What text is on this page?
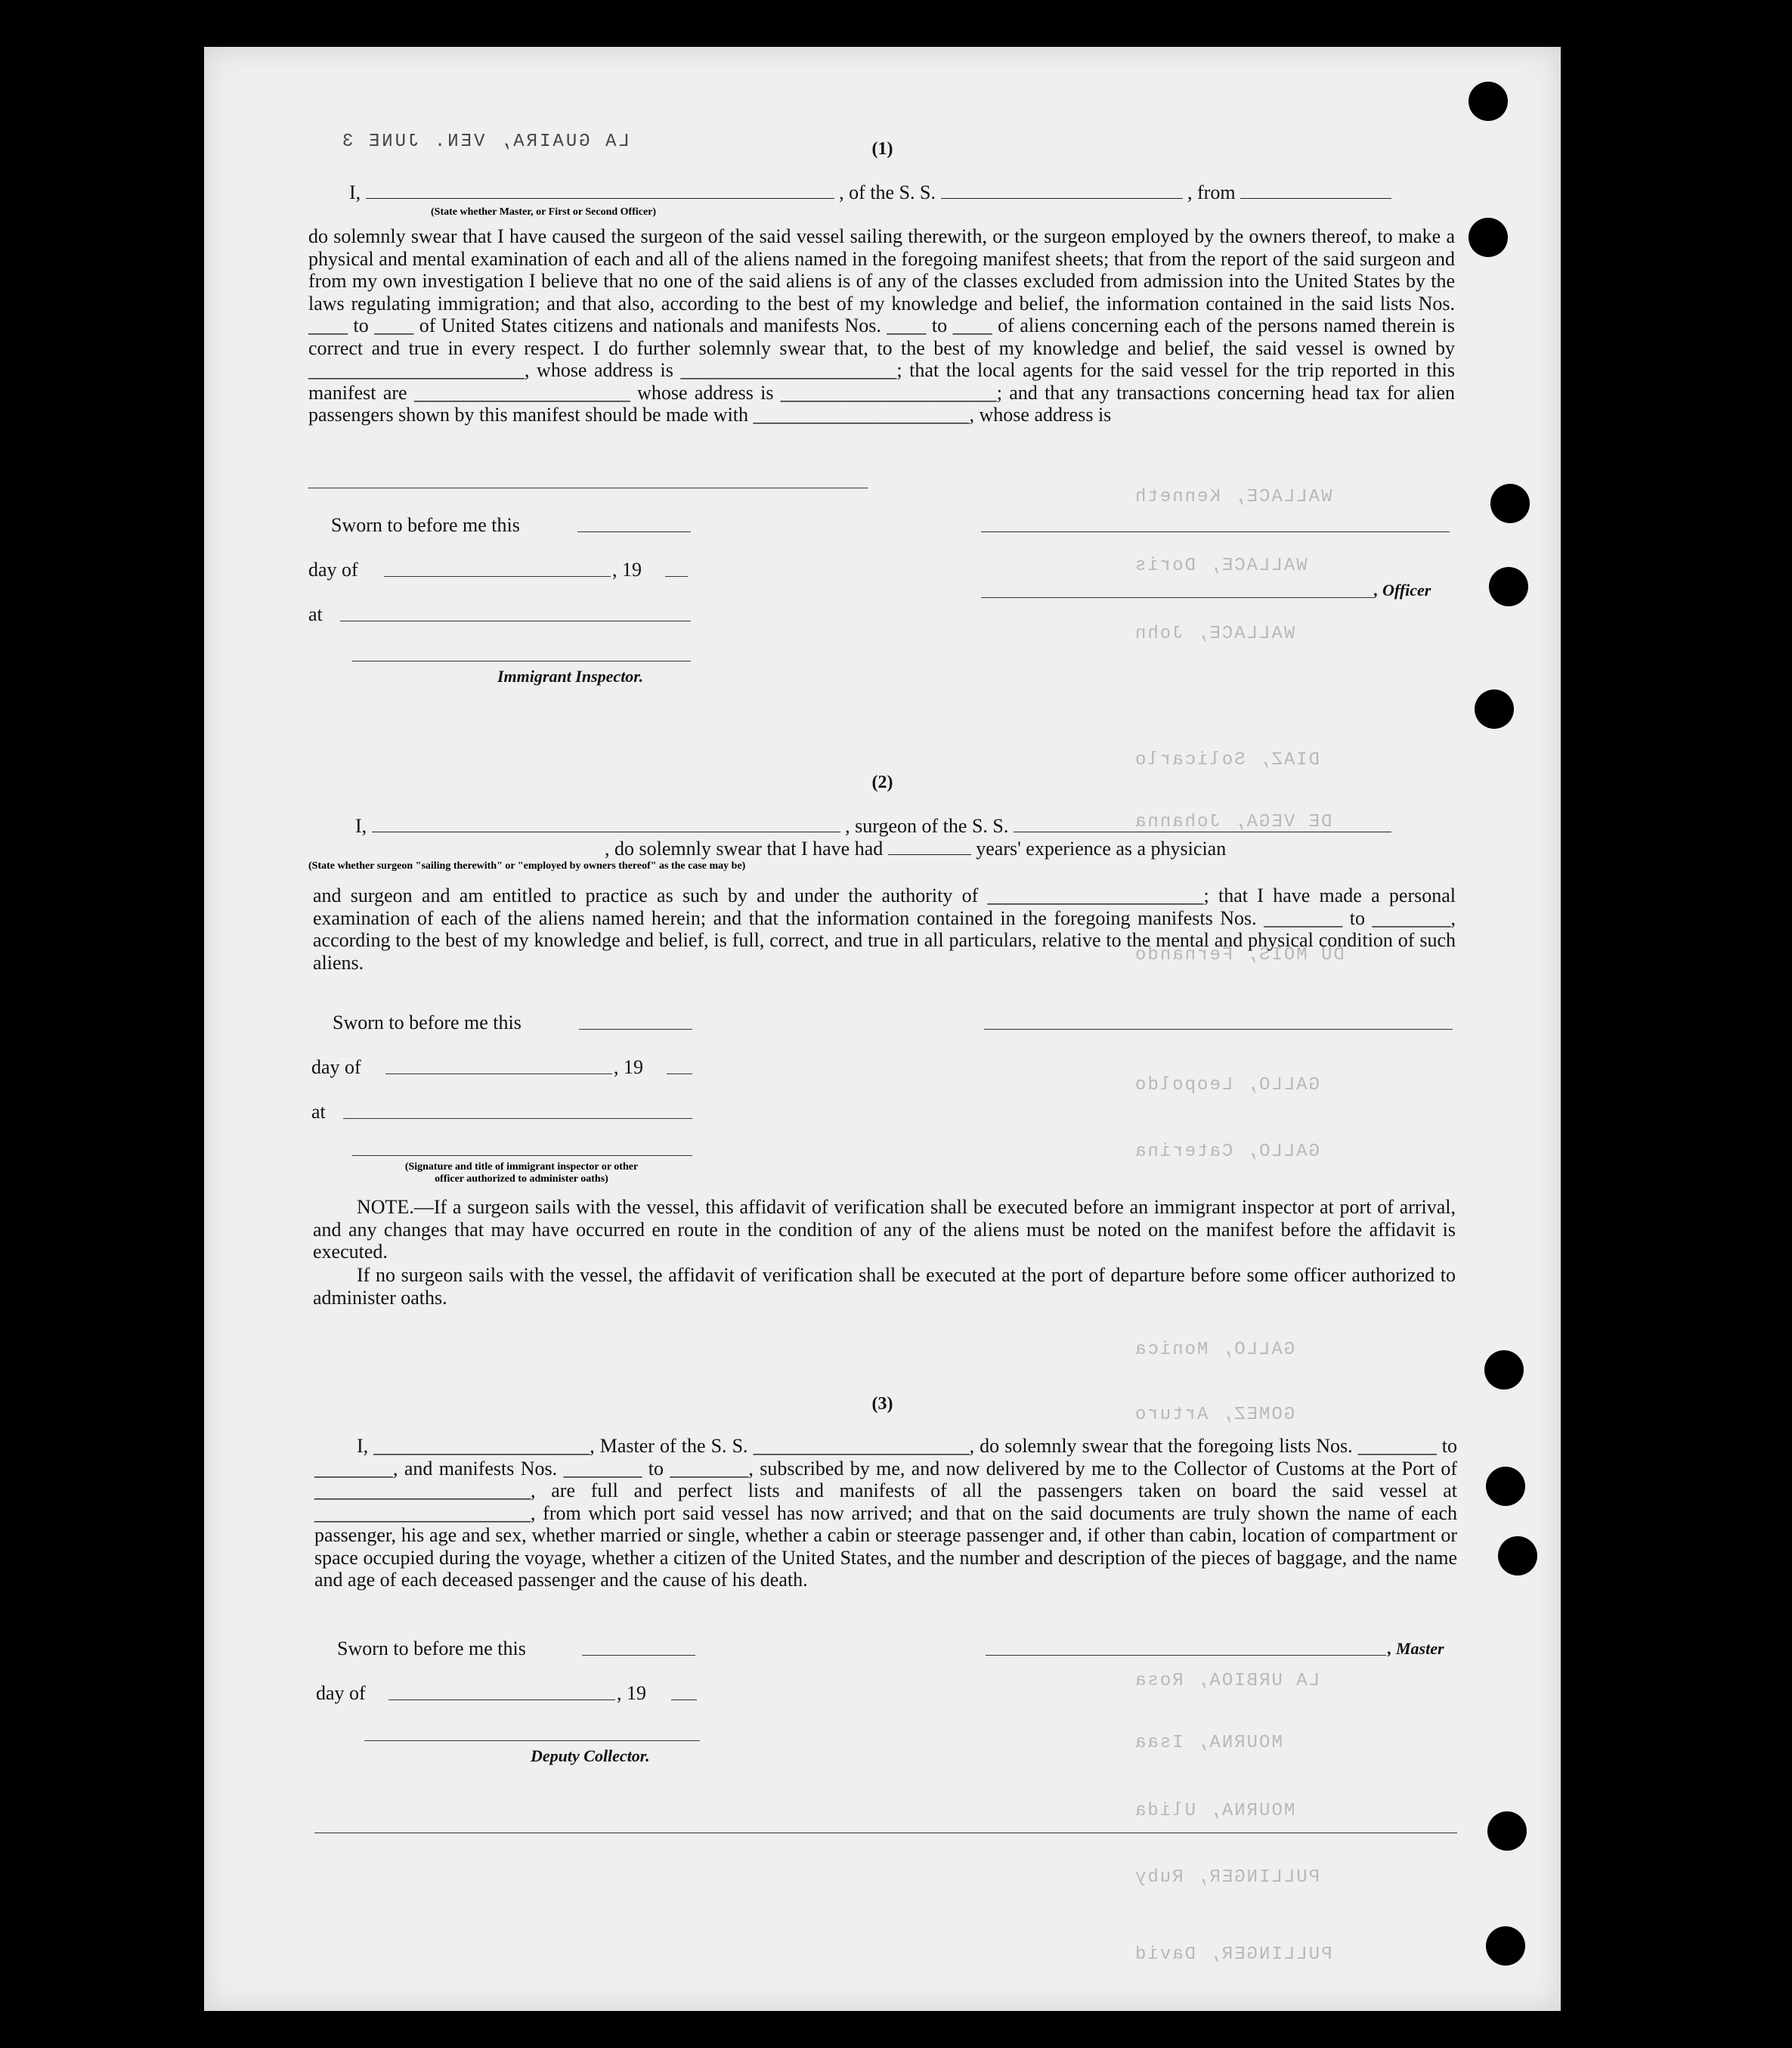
WALLACE, Kenneth
WALLACE, Doris
WALLACE, John
DIAZ, Solicarlo
DE VEGA, Johanna
DU MOIS, Fernando
GALLO, Leopoldo
GALLO, Caterina
GALLO, Monica
GOMEZ, Arturo
LA URBIOA, Rosa
MOURNA, Isaa
MOURNA, Ulida
PULLINGER, Ruby
PULLINGER, David
LA GUAIRA, VEN. JUNE 3	(1)
I,	, of the S. S.	, from
(State whether Master, or First or Second Officer)
do solemnly swear that I have caused the surgeon of the said vessel sailing therewith, or the surgeon employed by the owners thereof, to make a physical and mental examination of each and all of the aliens named in the foregoing manifest sheets; that from the report of the said surgeon and from my own investigation I believe that no one of the said aliens is of any of the classes excluded from admission into the United States by the laws regulating immigration; and that also, according to the best of my knowledge and belief, the information contained in the said lists Nos. ____ to ____ of United States citizens and nationals and manifests Nos. ____ to ____ of aliens concerning each of the persons named therein is correct and true in every respect. I do further solemnly swear that, to the best of my knowledge and belief, the said vessel is owned by ______________________, whose address is ______________________; that the local agents for the said vessel for the trip reported in this manifest are ______________________ whose address is ______________________; and that any transactions concerning head tax for alien passengers shown by this manifest should be made with ______________________, whose address is
Sworn to before me this
day of	, 19
, Officer
at
Immigrant Inspector.
(2)
I,	, surgeon of the S. S.
, do solemnly swear that I have had	years' experience as a physician
(State whether surgeon "sailing therewith" or "employed by owners thereof" as the case may be)
and surgeon and am entitled to practice as such by and under the authority of ______________________; that I have made a personal examination of each of the aliens named herein; and that the information contained in the foregoing manifests Nos. ________ to ________, according to the best of my knowledge and belief, is full, correct, and true in all particulars, relative to the mental and physical condition of such aliens.
Sworn to before me this
day of	, 19
at
(Signature and title of immigrant inspector or other officer authorized to administer oaths)
NOTE.—If a surgeon sails with the vessel, this affidavit of verification shall be executed before an immigrant inspector at port of arrival, and any changes that may have occurred en route in the condition of any of the aliens must be noted on the manifest before the affidavit is executed.
If no surgeon sails with the vessel, the affidavit of verification shall be executed at the port of departure before some officer authorized to administer oaths.
(3)
I, ______________________, Master of the S. S. ______________________, do solemnly swear that the foregoing lists Nos. ________ to ________, and manifests Nos. ________ to ________, subscribed by me, and now delivered by me to the Collector of Customs at the Port of ______________________, are full and perfect lists and manifests of all the passengers taken on board the said vessel at ______________________, from which port said vessel has now arrived; and that on the said documents are truly shown the name of each passenger, his age and sex, whether married or single, whether a cabin or steerage passenger and, if other than cabin, location of compartment or space occupied during the voyage, whether a citizen of the United States, and the number and description of the pieces of baggage, and the name and age of each deceased passenger and the cause of his death.
Sworn to before me this	, Master
day of	, 19
Deputy Collector.
